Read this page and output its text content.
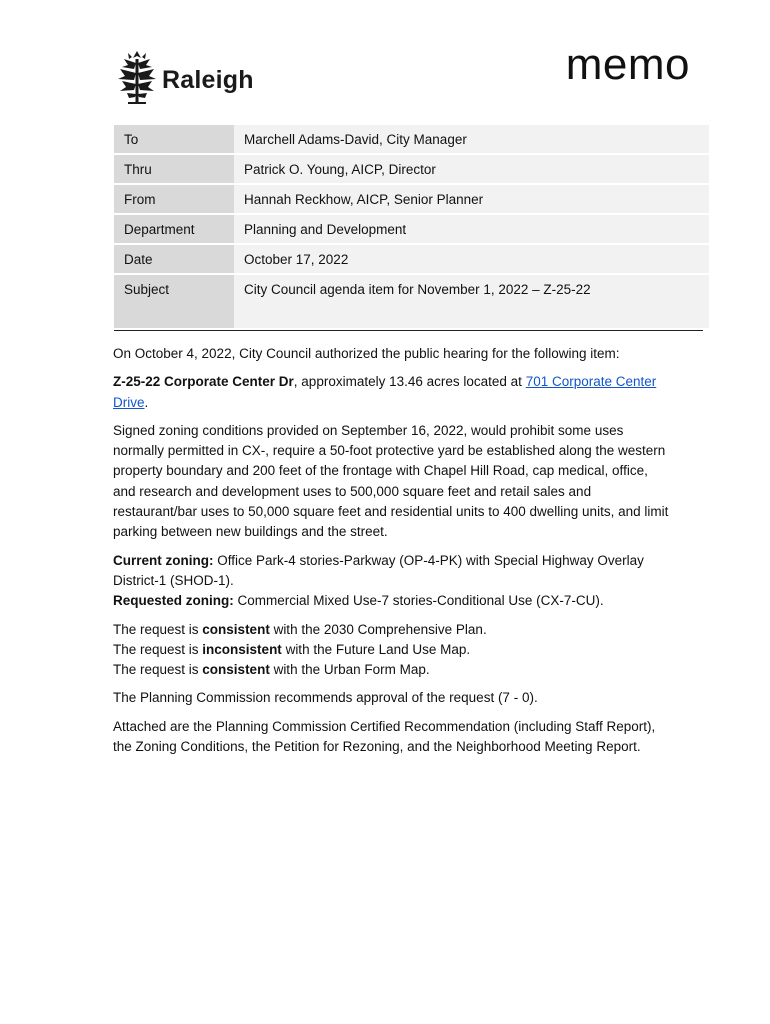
Raleigh	memo
To	Marchell Adams-David, City Manager
Thru	Patrick O. Young, AICP, Director
From	Hannah Reckhow, AICP, Senior Planner
Department	Planning and Development
Date	October 17, 2022
Subject	City Council agenda item for November 1, 2022 – Z-25-22

On October 4, 2022, City Council authorized the public hearing for the following item:

Z-25-22 Corporate Center Dr, approximately 13.46 acres located at 701 Corporate Center Drive.

Signed zoning conditions provided on September 16, 2022, would prohibit some uses normally permitted in CX-, require a 50-foot protective yard be established along the western property boundary and 200 feet of the frontage with Chapel Hill Road, cap medical, office, and research and development uses to 500,000 square feet and retail sales and restaurant/bar uses to 50,000 square feet and residential units to 400 dwelling units, and limit parking between new buildings and the street.

Current zoning: Office Park-4 stories-Parkway (OP-4-PK) with Special Highway Overlay District-1 (SHOD-1).
Requested zoning: Commercial Mixed Use-7 stories-Conditional Use (CX-7-CU).

The request is consistent with the 2030 Comprehensive Plan.
The request is inconsistent with the Future Land Use Map.
The request is consistent with the Urban Form Map.

The Planning Commission recommends approval of the request (7 - 0).

Attached are the Planning Commission Certified Recommendation (including Staff Report), the Zoning Conditions, the Petition for Rezoning, and the Neighborhood Meeting Report.
